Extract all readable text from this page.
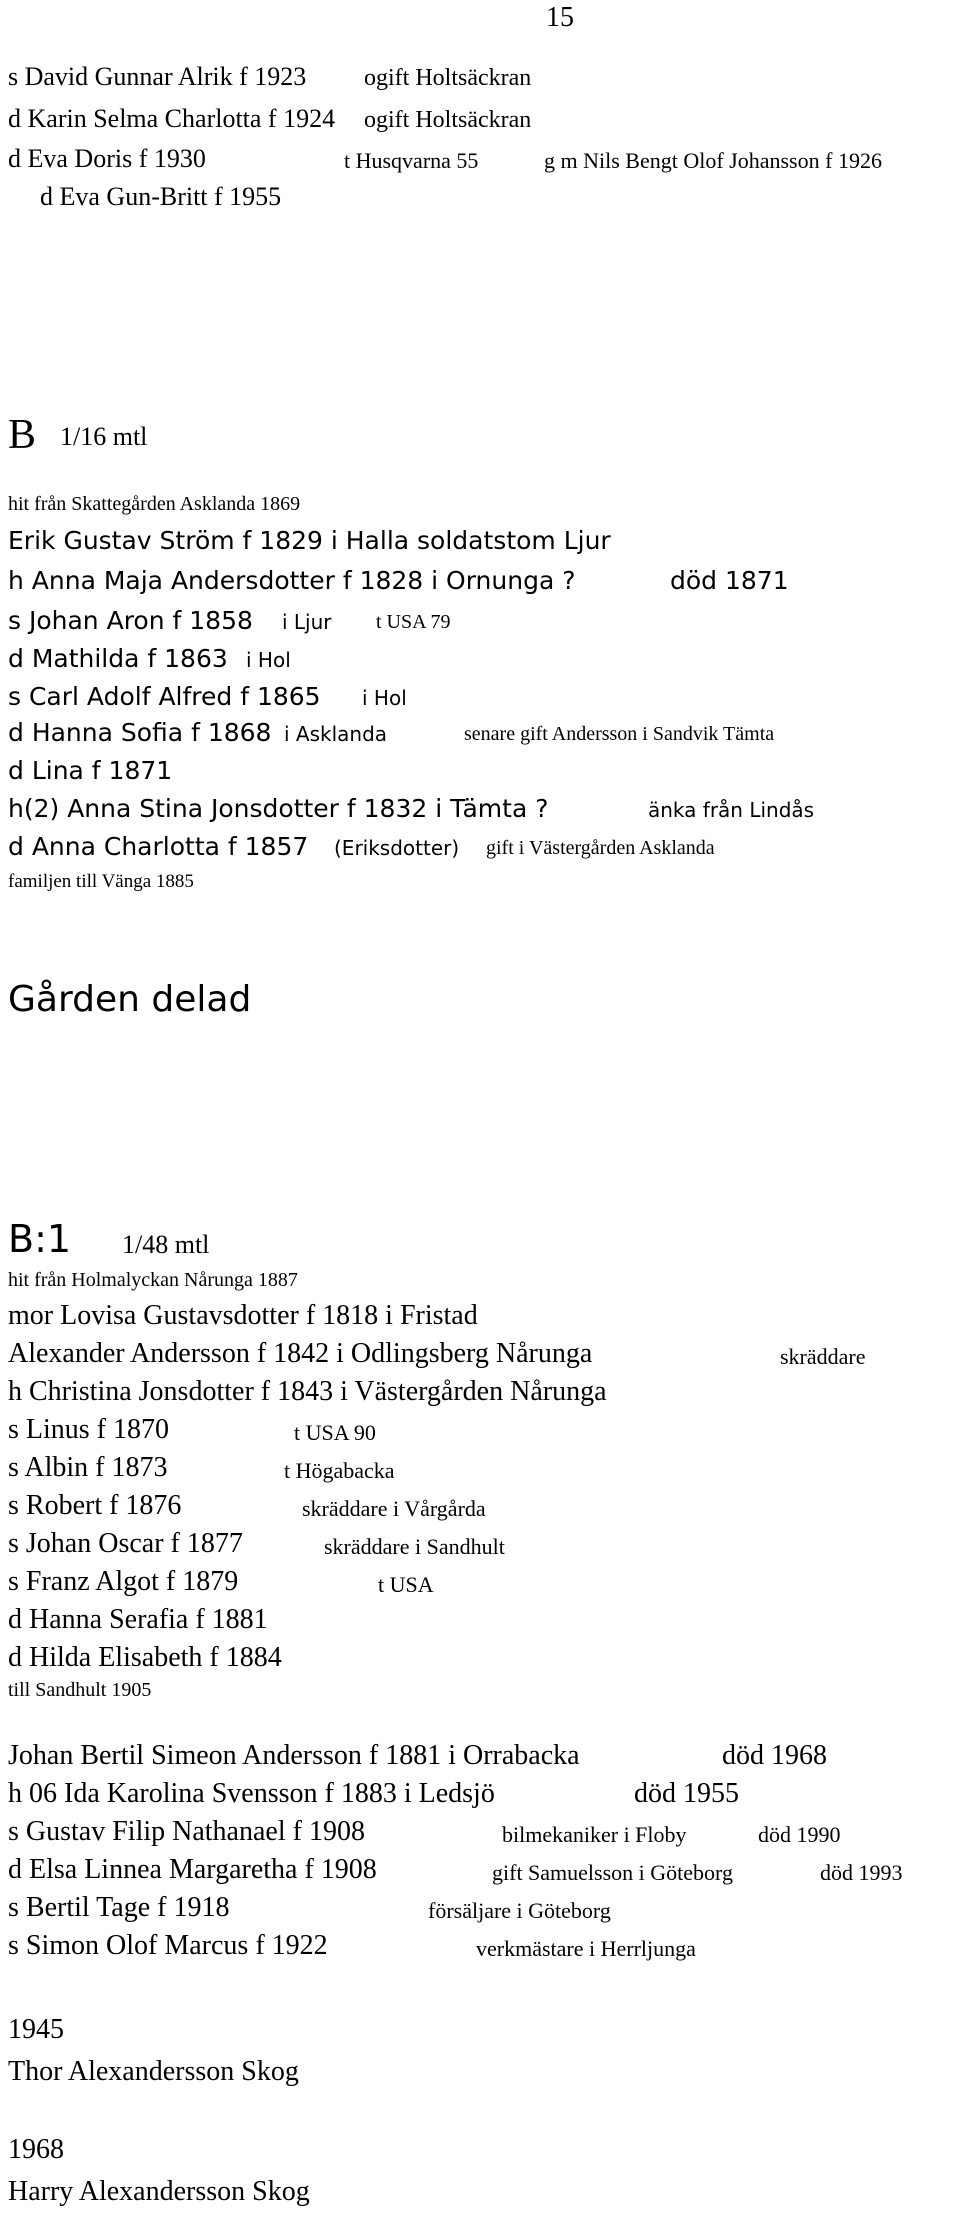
15
s David Gunnar Alrik f 1923 ogift Holtsäckran
d Karin Selma Charlotta f 1924 ogift Holtsäckran
d Eva Doris f 1930	t Husqvarna 55	g m Nils Bengt Olof Johansson f 1926
d Eva Gun-Britt f 1955
B 1/16 mtl
hit från Skattegården Asklanda 1869
Erik Gustav Ström f 1829 i Halla soldatstom Ljur
h Anna Maja Andersdotter f 1828 i Ornunga ?	död 1871
s Johan Aron f 1858 i Ljur t USA 79
d Mathilda f 1863 i Hol
s Carl Adolf Alfred f 1865 i Hol
d Hanna Sofia f 1868 i Asklanda	senare gift Andersson i Sandvik Tämta
d Lina f 1871
h(2) Anna Stina Jonsdotter f 1832 i Tämta ?	änka från Lindås
d Anna Charlotta f 1857 (Eriksdotter) gift i Västergården Asklanda
familjen till Vänga 1885
Gården delad
B:1 1/48 mtl
hit från Holmalyckan Nårunga 1887
mor Lovisa Gustavsdotter f 1818 i Fristad
Alexander Andersson f 1842 i Odlingsberg Nårunga	skräddare
h Christina Jonsdotter f 1843 i Västergården Nårunga
s Linus f 1870	t USA 90
s Albin f 1873	t Högabacka
s Robert f 1876	skräddare i Vårgårda
s Johan Oscar f 1877	skräddare i Sandhult
s Franz Algot f 1879	t USA
d Hanna Serafia f 1881
d Hilda Elisabeth f 1884
till Sandhult 1905
Johan Bertil Simeon Andersson f 1881 i Orrabacka	död 1968
h 06 Ida Karolina Svensson f 1883 i Ledsjö	död 1955
s Gustav Filip Nathanael f 1908	bilmekaniker i Floby	död 1990
d Elsa Linnea Margaretha f 1908	gift Samuelsson i Göteborg	död 1993
s Bertil Tage f 1918	försäljare i Göteborg
s Simon Olof Marcus f 1922	verkmästare i Herrljunga
1945
Thor Alexandersson Skog
1968
Harry Alexandersson Skog
